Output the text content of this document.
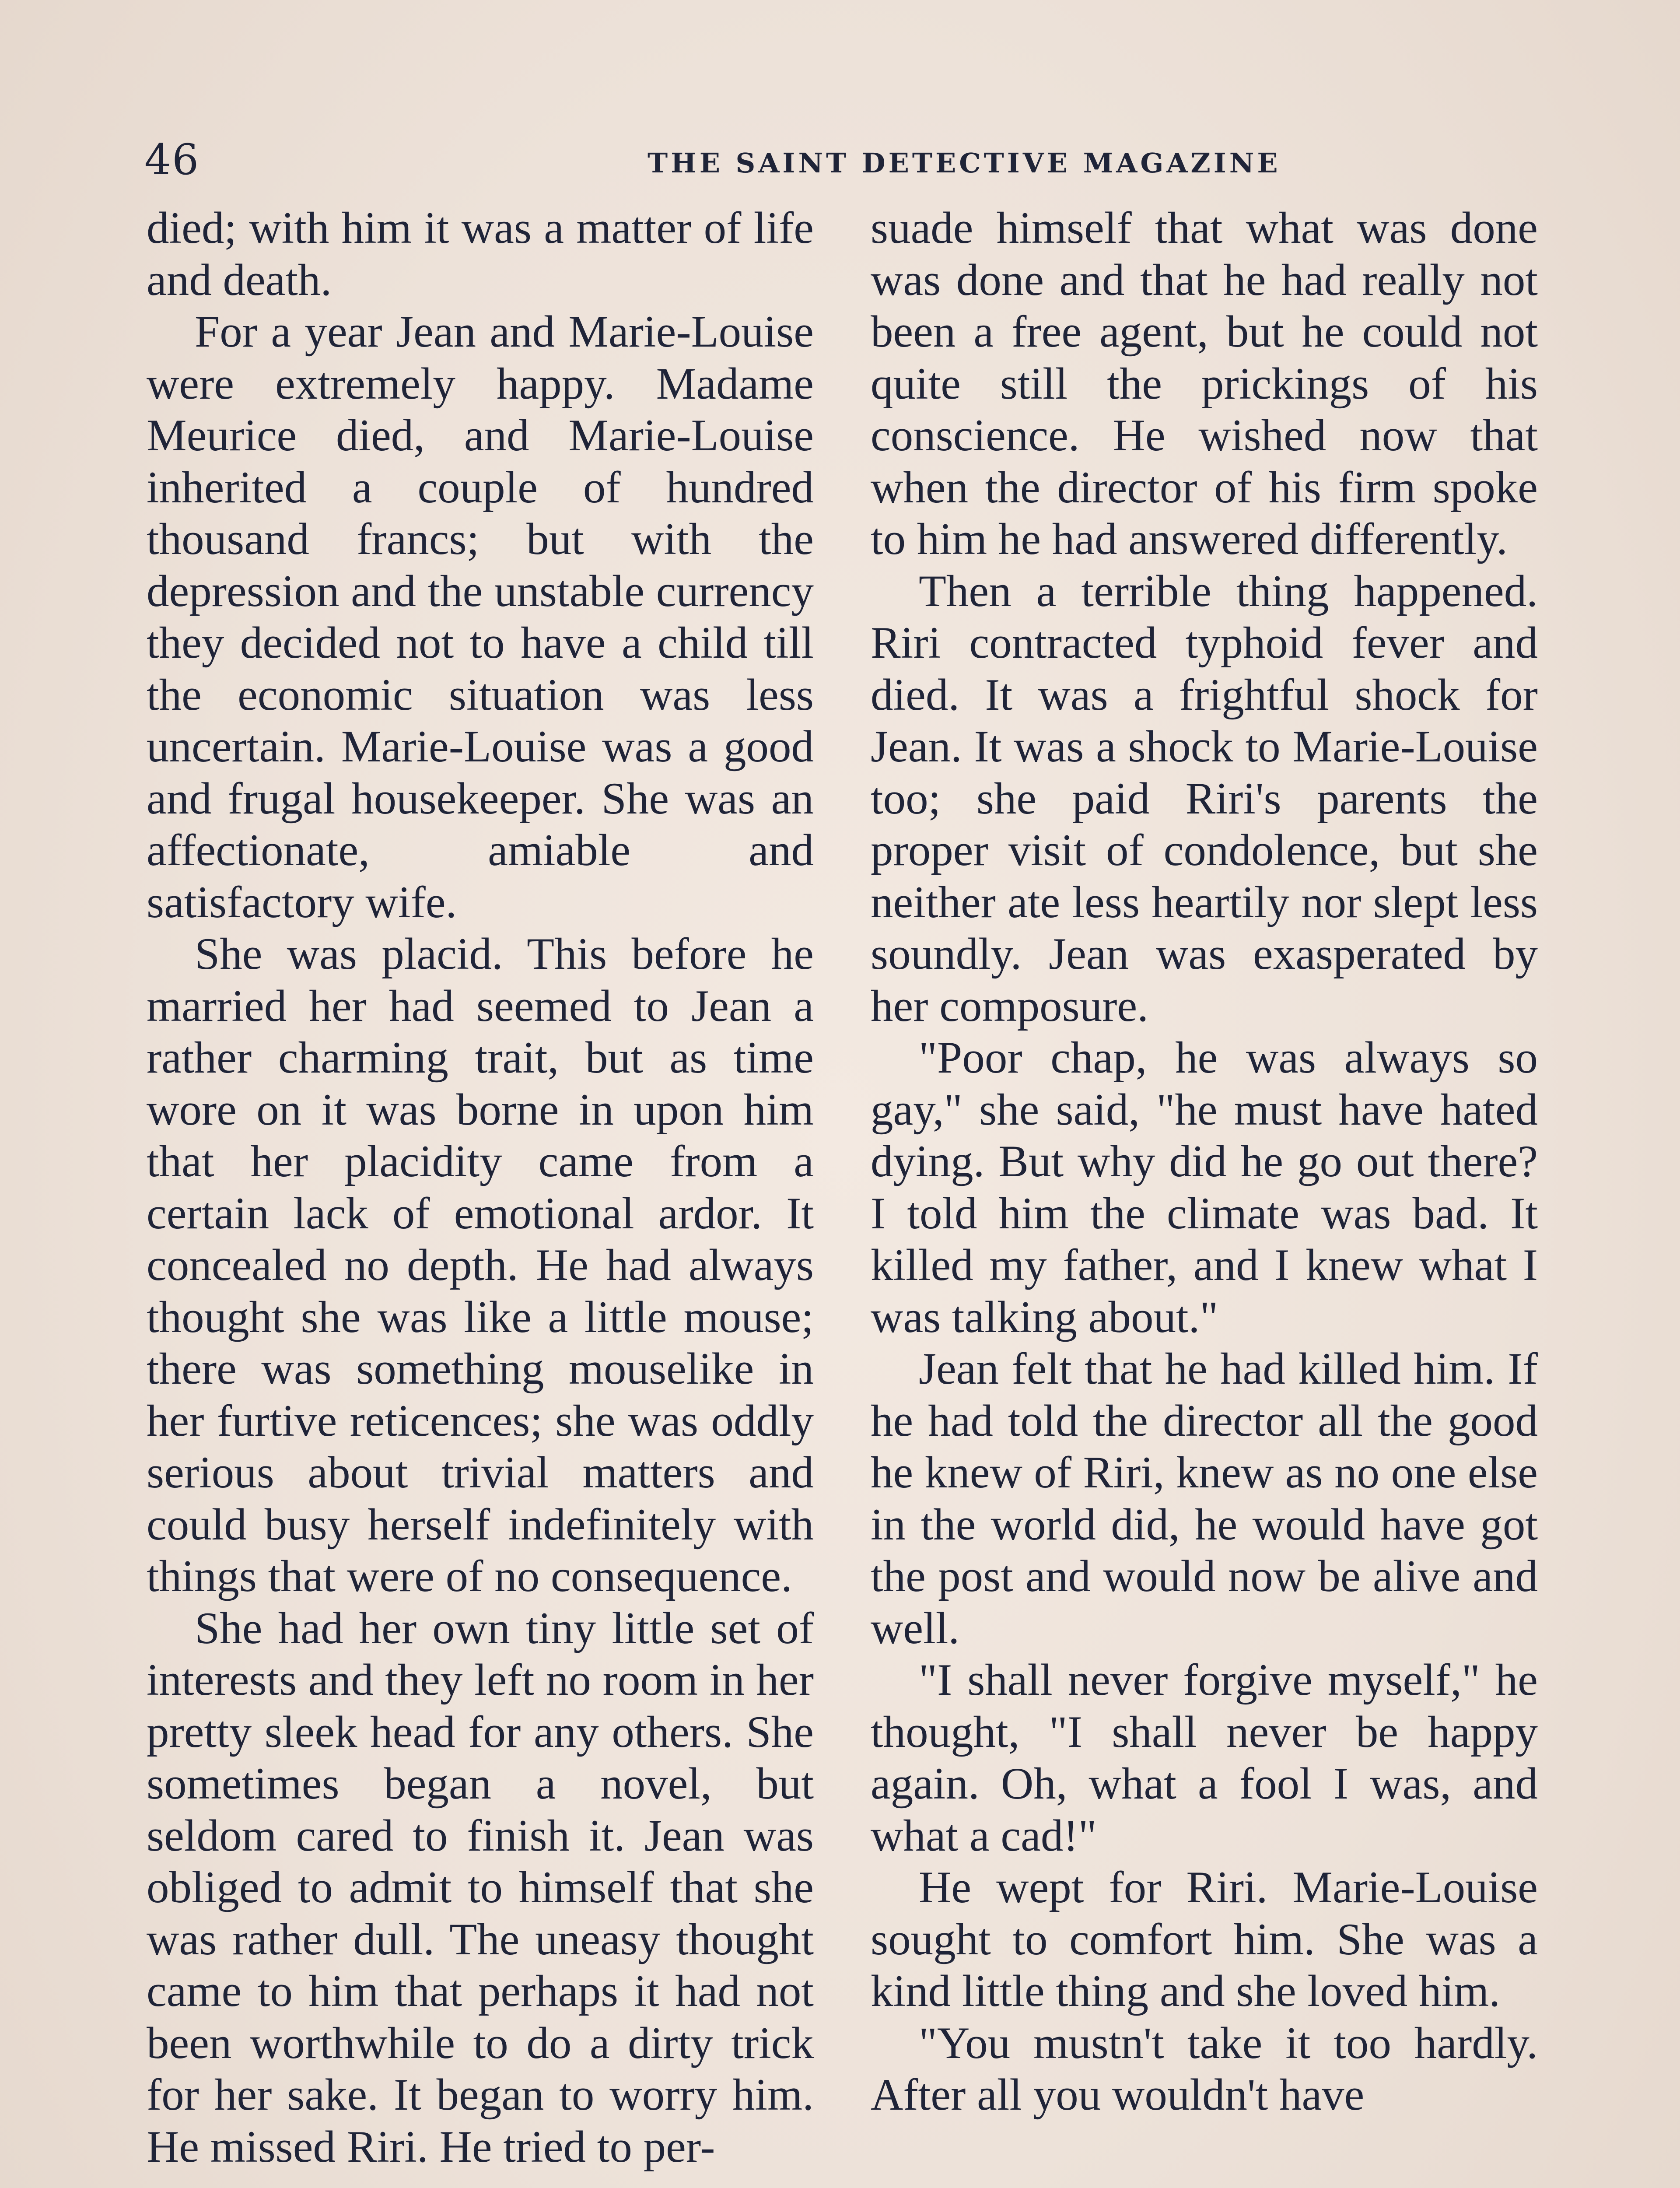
46	THE SAINT DETECTIVE MAGAZINE

died; with him it was a matter of life and death.

For a year Jean and Marie-Louise were extremely happy. Madame Meurice died, and Marie-Louise inherited a couple of hundred thousand francs; but with the depression and the unstable currency they decided not to have a child till the economic situation was less uncertain. Marie-Louise was a good and frugal housekeeper. She was an affectionate, amiable and satisfactory wife.

She was placid. This before he married her had seemed to Jean a rather charming trait, but as time wore on it was borne in upon him that her placidity came from a certain lack of emotional ardor. It concealed no depth. He had always thought she was like a little mouse; there was something mouselike in her furtive reticences; she was oddly serious about trivial matters and could busy herself indefinitely with things that were of no consequence.

She had her own tiny little set of interests and they left no room in her pretty sleek head for any others. She sometimes began a novel, but seldom cared to finish it. Jean was obliged to admit to himself that she was rather dull. The uneasy thought came to him that perhaps it had not been worthwhile to do a dirty trick for her sake. It began to worry him. He missed Riri. He tried to per-

suade himself that what was done was done and that he had really not been a free agent, but he could not quite still the prickings of his conscience. He wished now that when the director of his firm spoke to him he had answered differently.

Then a terrible thing happened. Riri contracted typhoid fever and died. It was a frightful shock for Jean. It was a shock to Marie-Louise too; she paid Riri's parents the proper visit of condolence, but she neither ate less heartily nor slept less soundly. Jean was exasperated by her composure.

"Poor chap, he was always so gay," she said, "he must have hated dying. But why did he go out there? I told him the climate was bad. It killed my father, and I knew what I was talking about."

Jean felt that he had killed him. If he had told the director all the good he knew of Riri, knew as no one else in the world did, he would have got the post and would now be alive and well.

"I shall never forgive myself," he thought, "I shall never be happy again. Oh, what a fool I was, and what a cad!"

He wept for Riri. Marie-Louise sought to comfort him. She was a kind little thing and she loved him.

"You mustn't take it too hardly. After all you wouldn't have
